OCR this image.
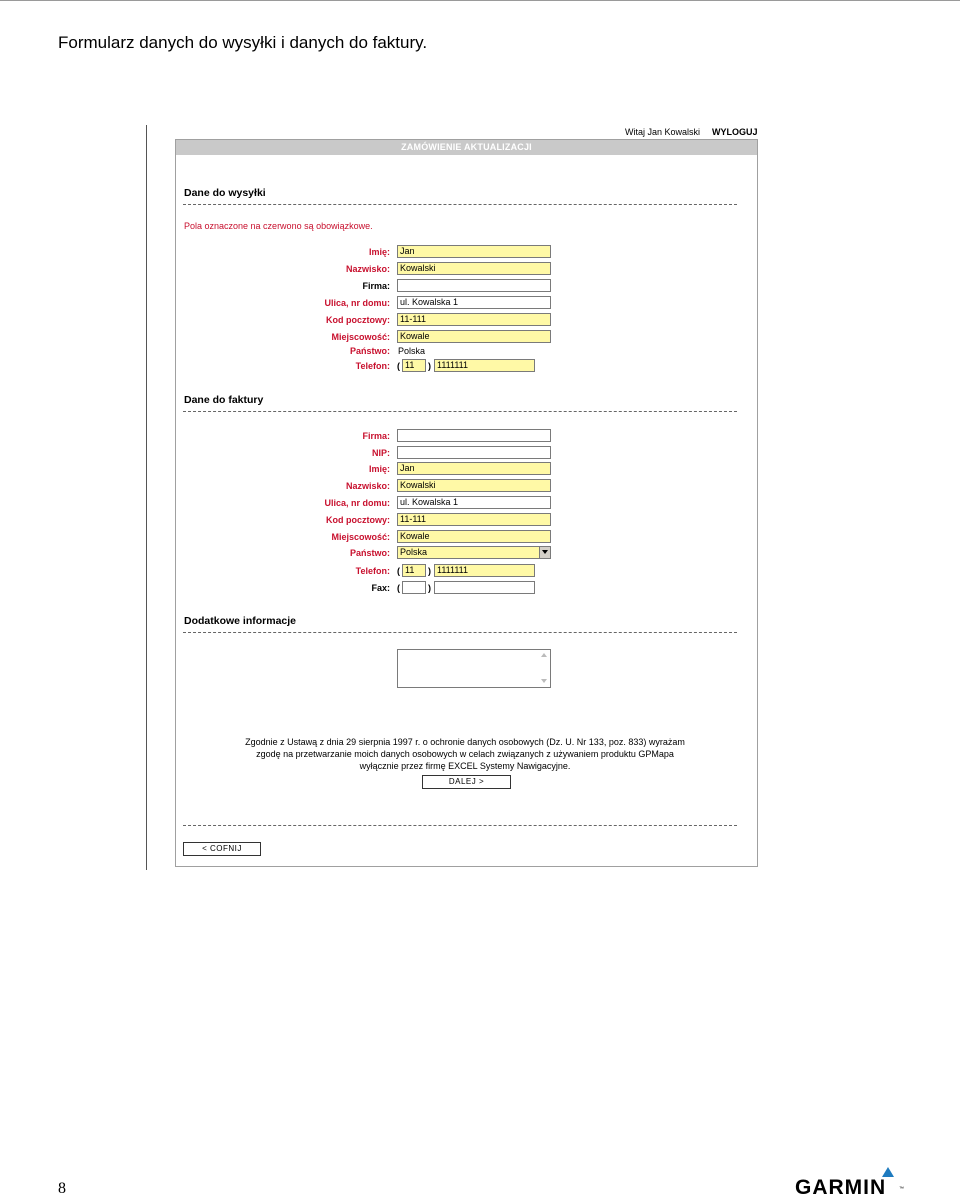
Formularz danych do wysyłki i danych do faktury.
Witaj Jan Kowalski WYLOGUJ
ZAMÓWIENIE AKTUALIZACJI
Dane do wysyłki
Pola oznaczone na czerwono są obowiązkowe.
Imię:	Jan
Nazwisko:	Kowalski
Firma:
Ulica, nr domu:	ul. Kowalska 1
Kod pocztowy:	11-111
Miejscowość:	Kowale
Państwo: Polska
Telefon: ( 11	) 1111111
Dane do faktury
Firma:
NIP:
Imię:	Jan
Nazwisko:	Kowalski
Ulica, nr domu:	ul. Kowalska 1
Kod pocztowy:	11-111
Miejscowość:	Kowale
Państwo:	Polska
Telefon: ( 11	) 1111111
Fax: (	)
Dodatkowe informacje
Zgodnie z Ustawą z dnia 29 sierpnia 1997 r. o ochronie danych osobowych (Dz. U. Nr 133, poz. 833) wyrażam
zgodę na przetwarzanie moich danych osobowych w celach związanych z używaniem produktu GPMapa
wyłącznie przez firmę EXCEL Systemy Nawigacyjne.
DALEJ >
< COFNIJ
8	GARMIN	™
